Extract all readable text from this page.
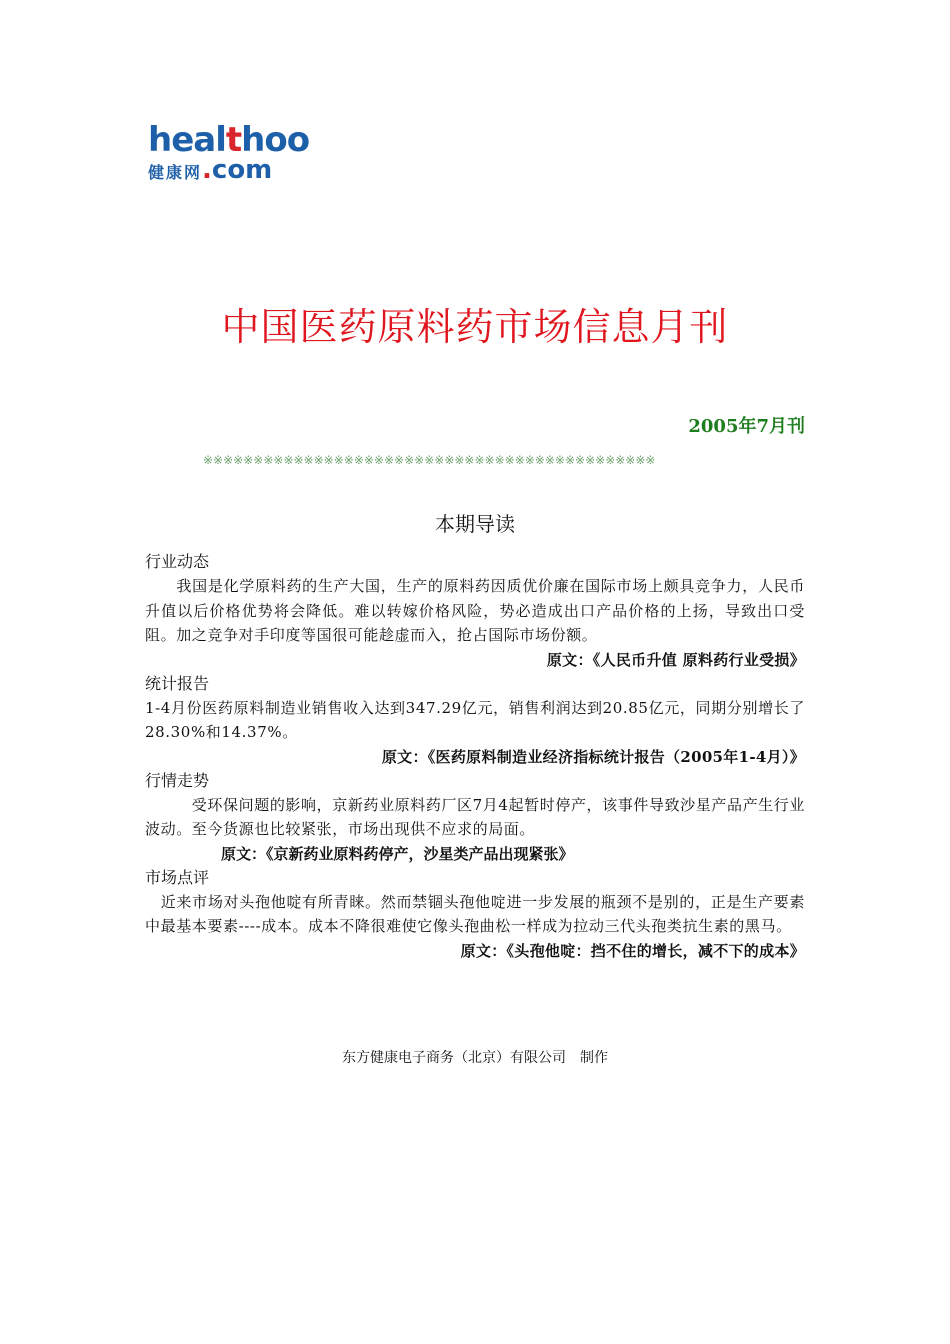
healthoo
健康网.com
中国医药原料药市场信息月刊
2005年7月刊
※※※※※※※※※※※※※※※※※※※※※※※※※※※※※※※※※※※※※※※※※※※※※
本期导读
行业动态
　　我国是化学原料药的生产大国，生产的原料药因质优价廉在国际市场上颇具竞争力，人民币升值以后价格优势将会降低。难以转嫁价格风险，势必造成出口产品价格的上扬，导致出口受阻。加之竞争对手印度等国很可能趁虚而入，抢占国际市场份额。
原文：《人民币升值 原料药行业受损》
统计报告
1-4月份医药原料制造业销售收入达到347.29亿元，销售利润达到20.85亿元，同期分别增长了28.30%和14.37%。
原文：《医药原料制造业经济指标统计报告（2005年1-4月）》
行情走势
　　　受环保问题的影响，京新药业原料药厂区7月4起暂时停产，该事件导致沙星产品产生行业波动。至今货源也比较紧张，市场出现供不应求的局面。
原文：《京新药业原料药停产，沙星类产品出现紧张》
市场点评
　近来市场对头孢他啶有所青睐。然而禁锢头孢他啶进一步发展的瓶颈不是别的，正是生产要素中最基本要素----成本。成本不降很难使它像头孢曲松一样成为拉动三代头孢类抗生素的黑马。
原文：《头孢他啶：挡不住的增长，减不下的成本》
东方健康电子商务（北京）有限公司　制作
